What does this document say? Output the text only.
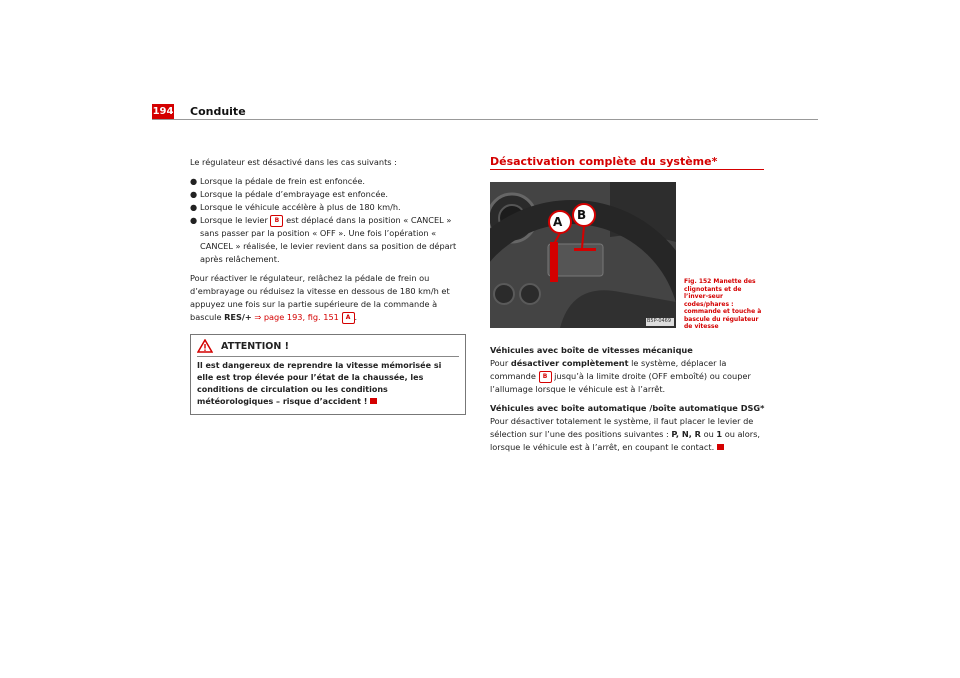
194 Conduite

Le régulateur est désactivé dans les cas suivants :

● Lorsque la pédale de frein est enfoncée.
● Lorsque la pédale d’embrayage est enfoncée.
● Lorsque le véhicule accélère à plus de 180 km/h.
● Lorsque le levier B est déplacé dans la position « CANCEL » sans passer par la position « OFF ». Une fois l’opération « CANCEL » réalisée, le levier revient dans sa position de départ après relâchement.

Pour réactiver le régulateur, relâchez la pédale de frein ou d’embrayage ou réduisez la vitesse en dessous de 180 km/h et appuyez une fois sur la partie supérieure de la commande à bascule RES/+ ⇒ page 193, fig. 151 A .

ATTENTION !
Il est dangereux de reprendre la vitesse mémorisée si elle est trop élevée pour l’état de la chaussée, les conditions de circulation ou les conditions météorologiques – risque d’accident !
Désactivation complète du système*
A B
B5P-0469
Fig. 152 Manette des clignotants et de l’inver-seur codes/phares : commande et touche à bascule du régulateur de vitesse
Véhicules avec boîte de vitesses mécanique

Pour désactiver complètement le système, déplacer la commande B jusqu’à la limite droite (OFF emboîté) ou couper l’allumage lorsque le véhicule est à l’arrêt.

Véhicules avec boîte automatique /boîte automatique DSG*

Pour désactiver totalement le système, il faut placer le levier de sélection sur l’une des positions suivantes : P, N, R ou 1 ou alors, lorsque le véhicule est à l’arrêt, en coupant le contact.
